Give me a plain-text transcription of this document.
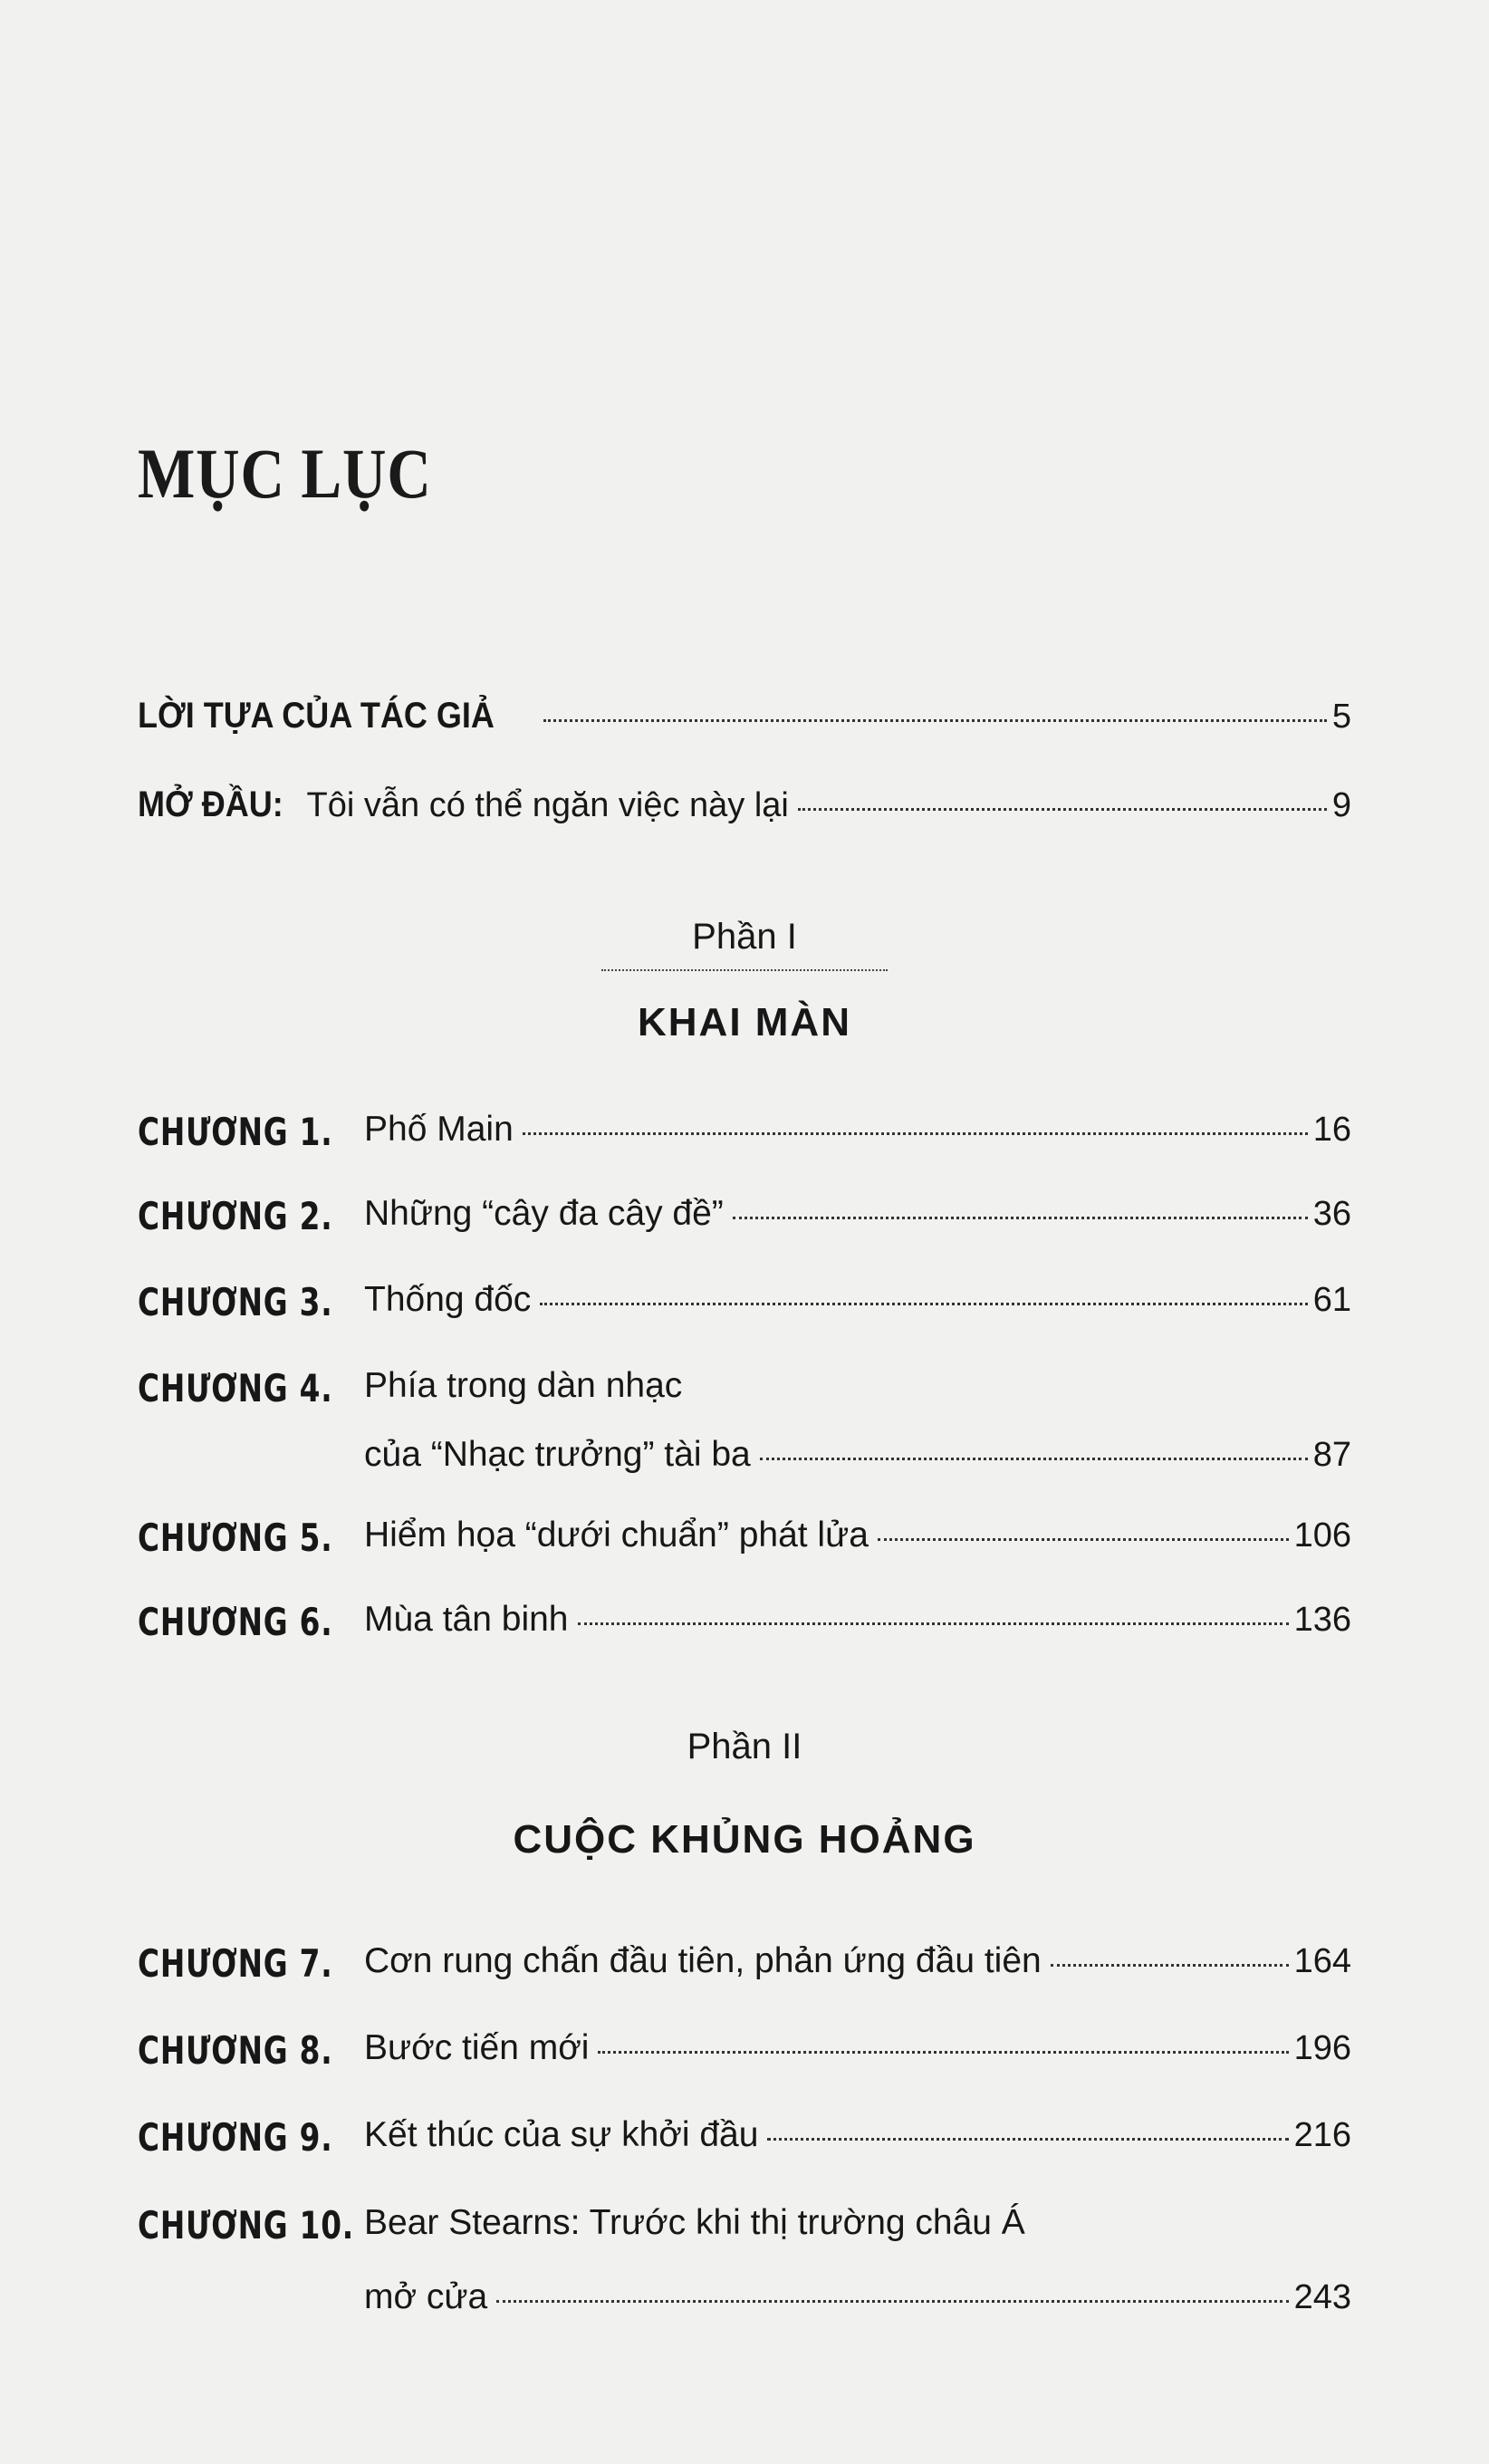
MỤC LỤC
LỜI TỰA CỦA TÁC GIẢ	5
MỞ ĐẦU: Tôi vẫn có thể ngăn việc này lại	9
Phần I
KHAI MÀN
CHƯƠNG 1. Phố Main	16
CHƯƠNG 2. Những “cây đa cây đề”	36
CHƯƠNG 3. Thống đốc	61
CHƯƠNG 4. Phía trong dàn nhạc
của “Nhạc trưởng” tài ba	87
CHƯƠNG 5. Hiểm họa “dưới chuẩn” phát lửa	106
CHƯƠNG 6. Mùa tân binh	136
Phần II
CUỘC KHỦNG HOẢNG
CHƯƠNG 7. Cơn rung chấn đầu tiên, phản ứng đầu tiên	164
CHƯƠNG 8. Bước tiến mới	196
CHƯƠNG 9. Kết thúc của sự khởi đầu	216
CHƯƠNG 10. Bear Stearns: Trước khi thị trường châu Á
mở cửa	243
